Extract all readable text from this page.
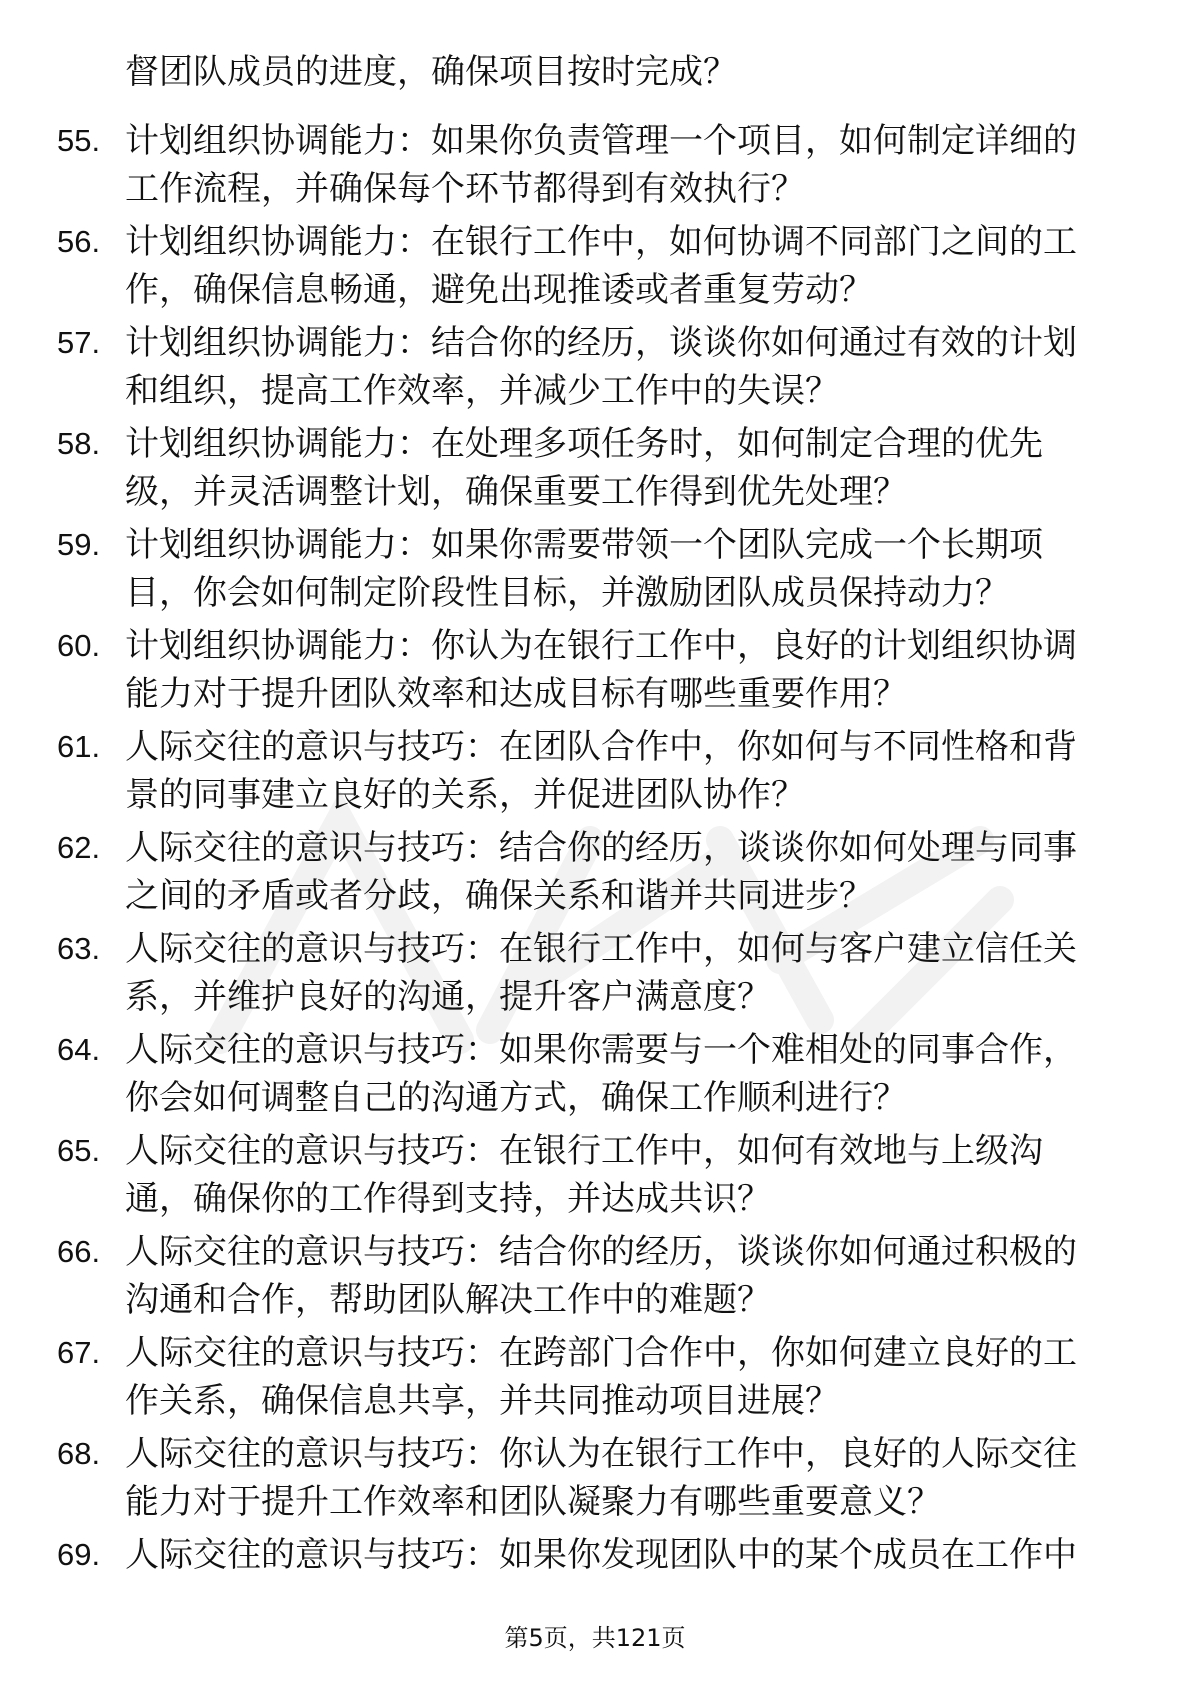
督团队成员的进度，确保项目按时完成？
55. 计划组织协调能力：如果你负责管理一个项目，如何制定详细的
工作流程，并确保每个环节都得到有效执行？
56. 计划组织协调能力：在银行工作中，如何协调不同部门之间的工
作，确保信息畅通，避免出现推诿或者重复劳动？
57. 计划组织协调能力：结合你的经历，谈谈你如何通过有效的计划
和组织，提高工作效率，并减少工作中的失误？
58. 计划组织协调能力：在处理多项任务时，如何制定合理的优先
级，并灵活调整计划，确保重要工作得到优先处理？
59. 计划组织协调能力：如果你需要带领一个团队完成一个长期项
目，你会如何制定阶段性目标，并激励团队成员保持动力？
60. 计划组织协调能力：你认为在银行工作中，良好的计划组织协调
能力对于提升团队效率和达成目标有哪些重要作用？
61. 人际交往的意识与技巧：在团队合作中，你如何与不同性格和背
景的同事建立良好的关系，并促进团队协作？
62. 人际交往的意识与技巧：结合你的经历，谈谈你如何处理与同事
之间的矛盾或者分歧，确保关系和谐并共同进步？
63. 人际交往的意识与技巧：在银行工作中，如何与客户建立信任关
系，并维护良好的沟通，提升客户满意度？
64. 人际交往的意识与技巧：如果你需要与一个难相处的同事合作，
你会如何调整自己的沟通方式，确保工作顺利进行？
65. 人际交往的意识与技巧：在银行工作中，如何有效地与上级沟
通，确保你的工作得到支持，并达成共识？
66. 人际交往的意识与技巧：结合你的经历，谈谈你如何通过积极的
沟通和合作，帮助团队解决工作中的难题？
67. 人际交往的意识与技巧：在跨部门合作中，你如何建立良好的工
作关系，确保信息共享，并共同推动项目进展？
68. 人际交往的意识与技巧：你认为在银行工作中，良好的人际交往
能力对于提升工作效率和团队凝聚力有哪些重要意义？
69. 人际交往的意识与技巧：如果你发现团队中的某个成员在工作中
第5页，共121页
